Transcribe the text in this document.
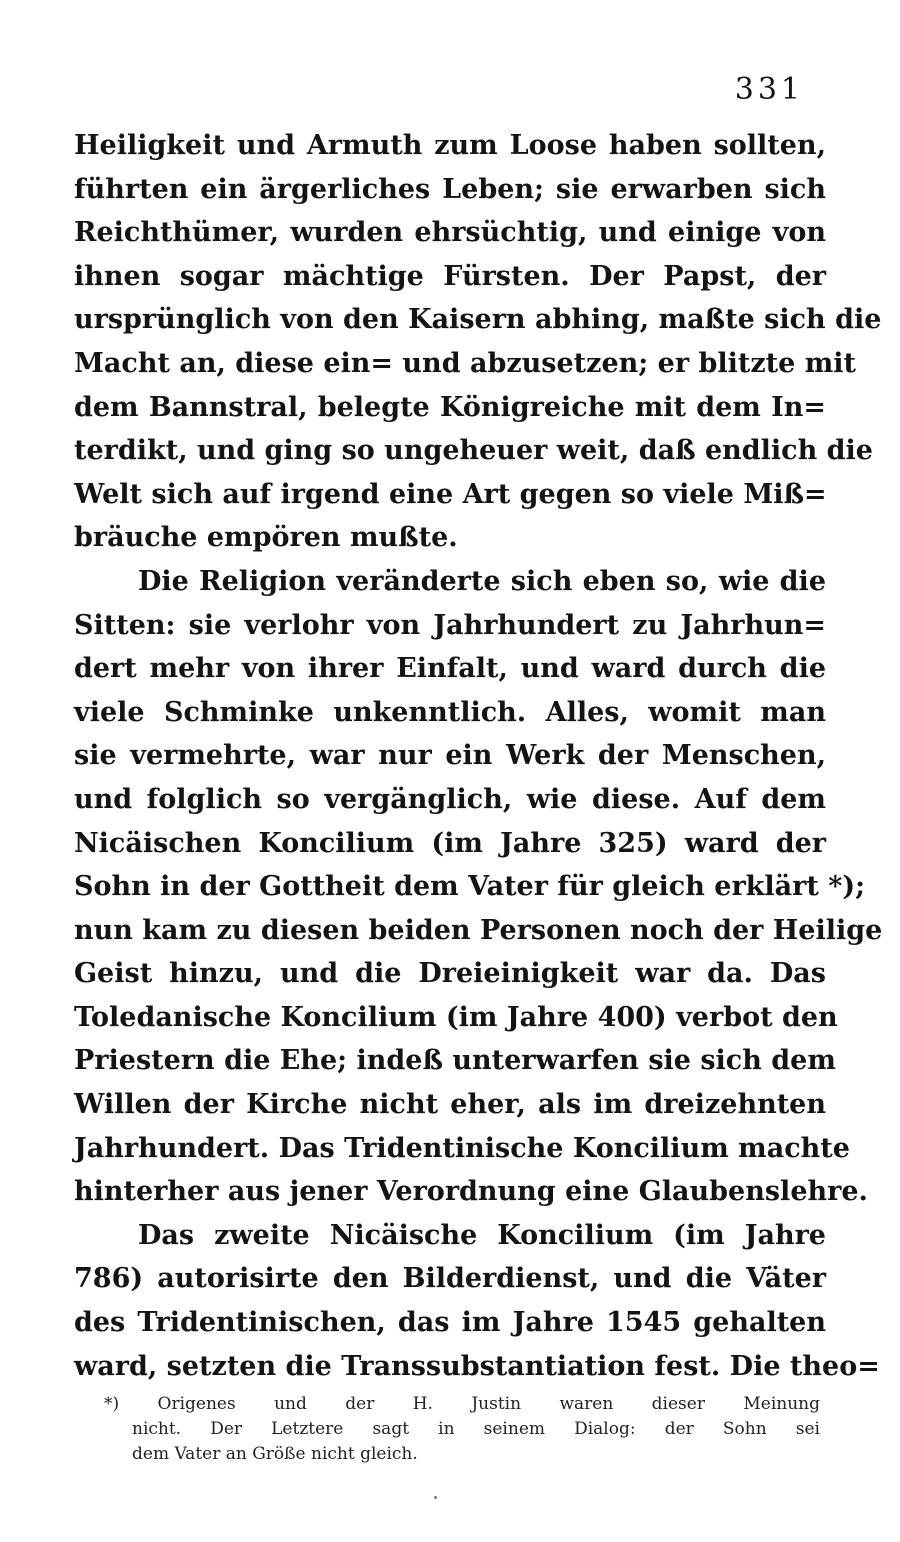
331
Heiligkeit und Armuth zum Loose haben sollten,
führten ein ärgerliches Leben; sie erwarben sich
Reichthümer, wurden ehrsüchtig, und einige von
ihnen sogar mächtige Fürsten. Der Papst, der
ursprünglich von den Kaisern abhing, maßte sich die
Macht an, diese ein= und abzusetzen; er blitzte mit
dem Bannstral, belegte Königreiche mit dem In=
terdikt, und ging so ungeheuer weit, daß endlich die
Welt sich auf irgend eine Art gegen so viele Miß=
bräuche empören mußte.
Die Religion veränderte sich eben so, wie die
Sitten: sie verlohr von Jahrhundert zu Jahrhun=
dert mehr von ihrer Einfalt, und ward durch die
viele Schminke unkenntlich. Alles, womit man
sie vermehrte, war nur ein Werk der Menschen,
und folglich so vergänglich, wie diese. Auf dem
Nicäischen Koncilium (im Jahre 325) ward der
Sohn in der Gottheit dem Vater für gleich erklärt *);
nun kam zu diesen beiden Personen noch der Heilige
Geist hinzu, und die Dreieinigkeit war da. Das
Toledanische Koncilium (im Jahre 400) verbot den
Priestern die Ehe; indeß unterwarfen sie sich dem
Willen der Kirche nicht eher, als im dreizehnten
Jahrhundert. Das Tridentinische Koncilium machte
hinterher aus jener Verordnung eine Glaubenslehre.
Das zweite Nicäische Koncilium (im Jahre
786) autorisirte den Bilderdienst, und die Väter
des Tridentinischen, das im Jahre 1545 gehalten
ward, setzten die Transsubstantiation fest. Die theo=
*) Origenes und der H. Justin waren dieser Meinung
nicht. Der Letztere sagt in seinem Dialog: der Sohn sei
dem Vater an Größe nicht gleich.
